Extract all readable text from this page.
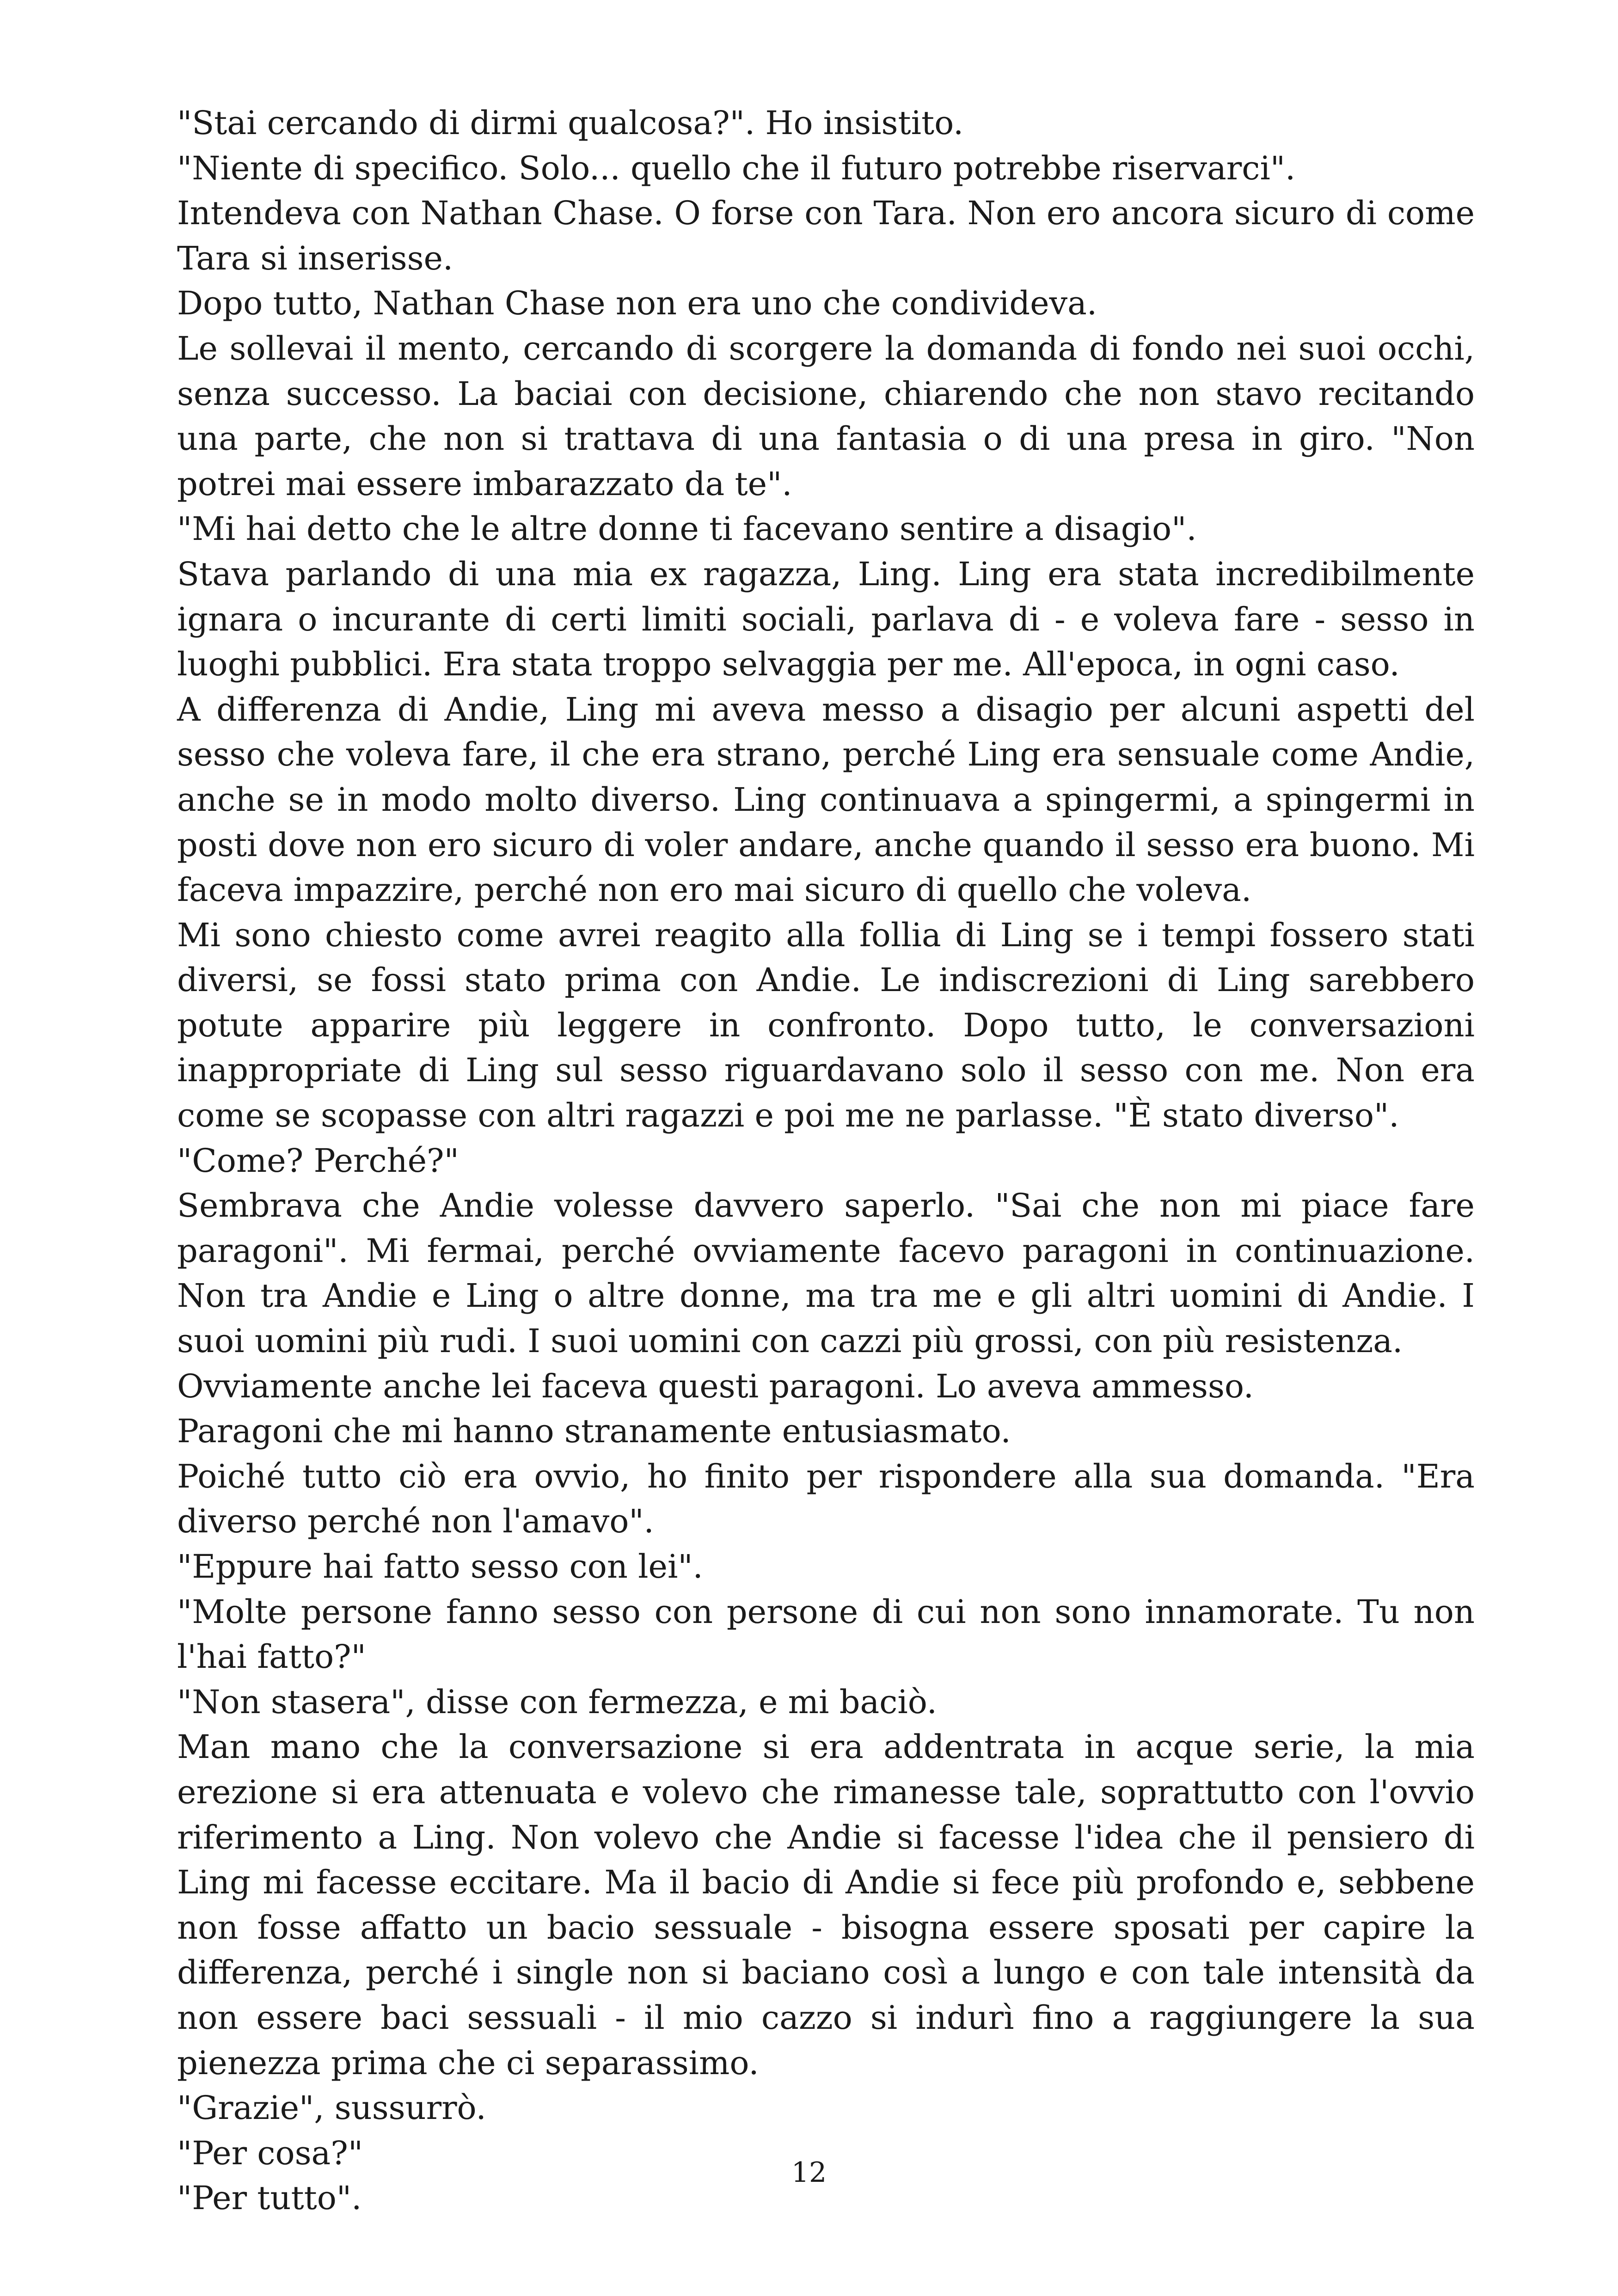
"Stai cercando di dirmi qualcosa?". Ho insistito.

"Niente di specifico. Solo... quello che il futuro potrebbe riservarci".

Intendeva con Nathan Chase. O forse con Tara. Non ero ancora sicuro di come Tara si inserisse.

Dopo tutto, Nathan Chase non era uno che condivideva.

Le sollevai il mento, cercando di scorgere la domanda di fondo nei suoi occhi, senza successo. La baciai con decisione, chiarendo che non stavo recitando una parte, che non si trattava di una fantasia o di una presa in giro. "Non potrei mai essere imbarazzato da te".

"Mi hai detto che le altre donne ti facevano sentire a disagio".

Stava parlando di una mia ex ragazza, Ling. Ling era stata incredibilmente ignara o incurante di certi limiti sociali, parlava di - e voleva fare - sesso in luoghi pubblici. Era stata troppo selvaggia per me. All'epoca, in ogni caso.

A differenza di Andie, Ling mi aveva messo a disagio per alcuni aspetti del sesso che voleva fare, il che era strano, perché Ling era sensuale come Andie, anche se in modo molto diverso. Ling continuava a spingermi, a spingermi in posti dove non ero sicuro di voler andare, anche quando il sesso era buono. Mi faceva impazzire, perché non ero mai sicuro di quello che voleva.

Mi sono chiesto come avrei reagito alla follia di Ling se i tempi fossero stati diversi, se fossi stato prima con Andie. Le indiscrezioni di Ling sarebbero potute apparire più leggere in confronto. Dopo tutto, le conversazioni inappropriate di Ling sul sesso riguardavano solo il sesso con me. Non era come se scopasse con altri ragazzi e poi me ne parlasse. "È stato diverso".

"Come? Perché?"

Sembrava che Andie volesse davvero saperlo. "Sai che non mi piace fare paragoni". Mi fermai, perché ovviamente facevo paragoni in continuazione. Non tra Andie e Ling o altre donne, ma tra me e gli altri uomini di Andie. I suoi uomini più rudi. I suoi uomini con cazzi più grossi, con più resistenza.

Ovviamente anche lei faceva questi paragoni. Lo aveva ammesso.

Paragoni che mi hanno stranamente entusiasmato.

Poiché tutto ciò era ovvio, ho finito per rispondere alla sua domanda. "Era diverso perché non l'amavo".

"Eppure hai fatto sesso con lei".

"Molte persone fanno sesso con persone di cui non sono innamorate. Tu non l'hai fatto?"

"Non stasera", disse con fermezza, e mi baciò.

Man mano che la conversazione si era addentrata in acque serie, la mia erezione si era attenuata e volevo che rimanesse tale, soprattutto con l'ovvio riferimento a Ling. Non volevo che Andie si facesse l'idea che il pensiero di Ling mi facesse eccitare. Ma il bacio di Andie si fece più profondo e, sebbene non fosse affatto un bacio sessuale - bisogna essere sposati per capire la differenza, perché i single non si baciano così a lungo e con tale intensità da non essere baci sessuali - il mio cazzo si indurì fino a raggiungere la sua pienezza prima che ci separassimo.

"Grazie", sussurrò.

"Per cosa?"

"Per tutto".

12
